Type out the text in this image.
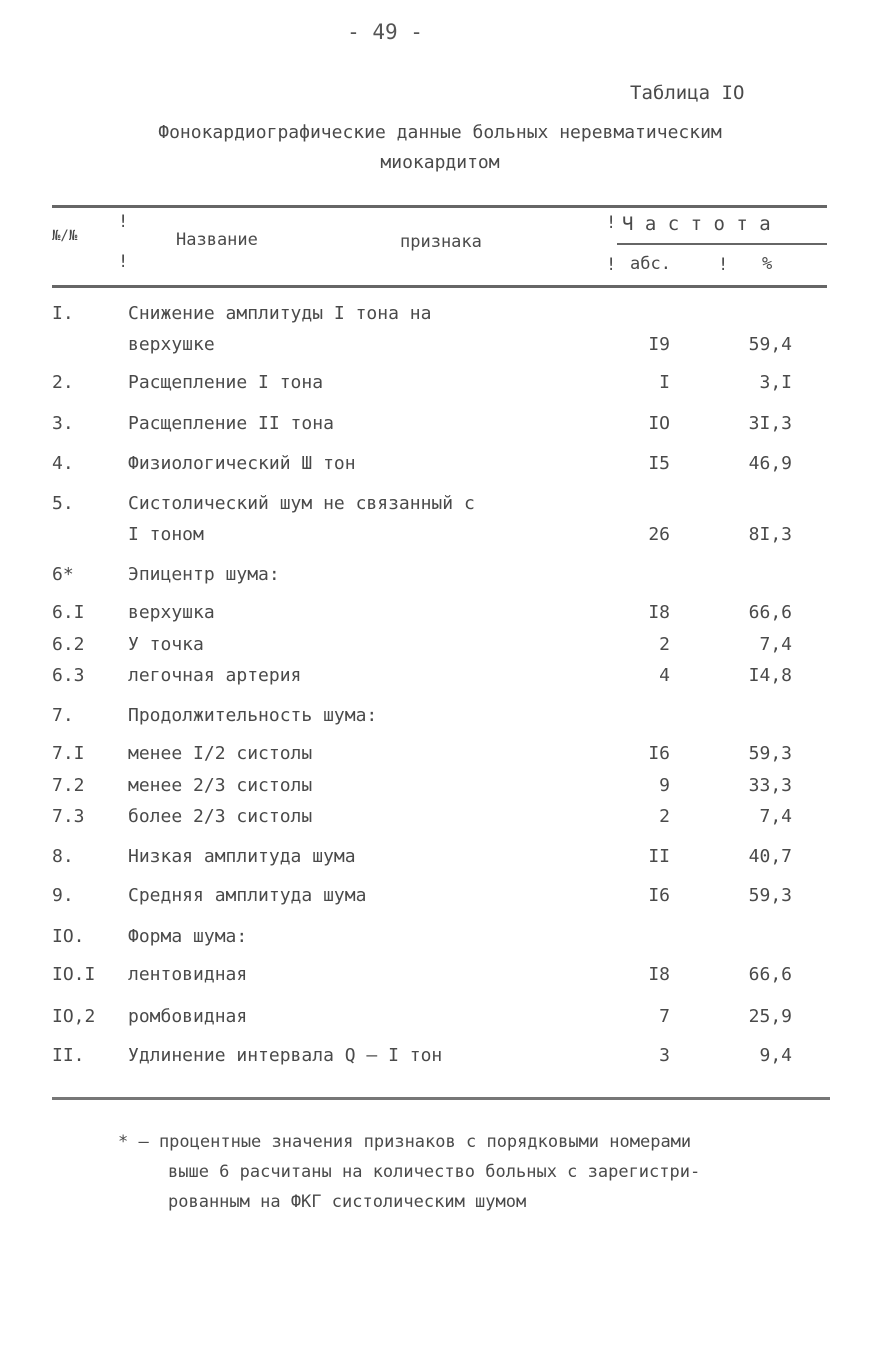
- 49 -
Таблица IO
Фонокардиографические данные больных неревматическим
миокардитом
№/№
!
!
Название	признака
! Ч а с т о т а
! абс.	! %
I.	Снижение амплитуды I тона на
верхушке	I9	59,4
2.	Расщепление I тона	I	3,I
3.	Расщепление II тона	IO	3I,3
4.	Физиологический Ш тон	I5	46,9
5.	Систолический шум не связанный с
I тоном	26	8I,3
6*	Эпицентр шума:
6.I верхушка	I8	66,6
6.2 У точка	2	7,4
6.3 легочная артерия	4	I4,8
7.	Продолжительность шума:
7.I менее I/2 систолы	I6	59,3
7.2 менее 2/3 систолы	9	33,3
7.3 более 2/3 систолы	2	7,4
8.	Низкая амплитуда шума	II	40,7
9.	Средняя амплитуда шума	I6	59,3
IO. Форма шума:
IO.I лентовидная	I8	66,6
IO,2 ромбовидная	7	25,9
II. Удлинение интервала Q – I тон	3	9,4
* – процентные значения признаков с порядковыми номерами
выше 6 расчитаны на количество больных с зарегистри-
рованным на ФКГ систолическим шумом
